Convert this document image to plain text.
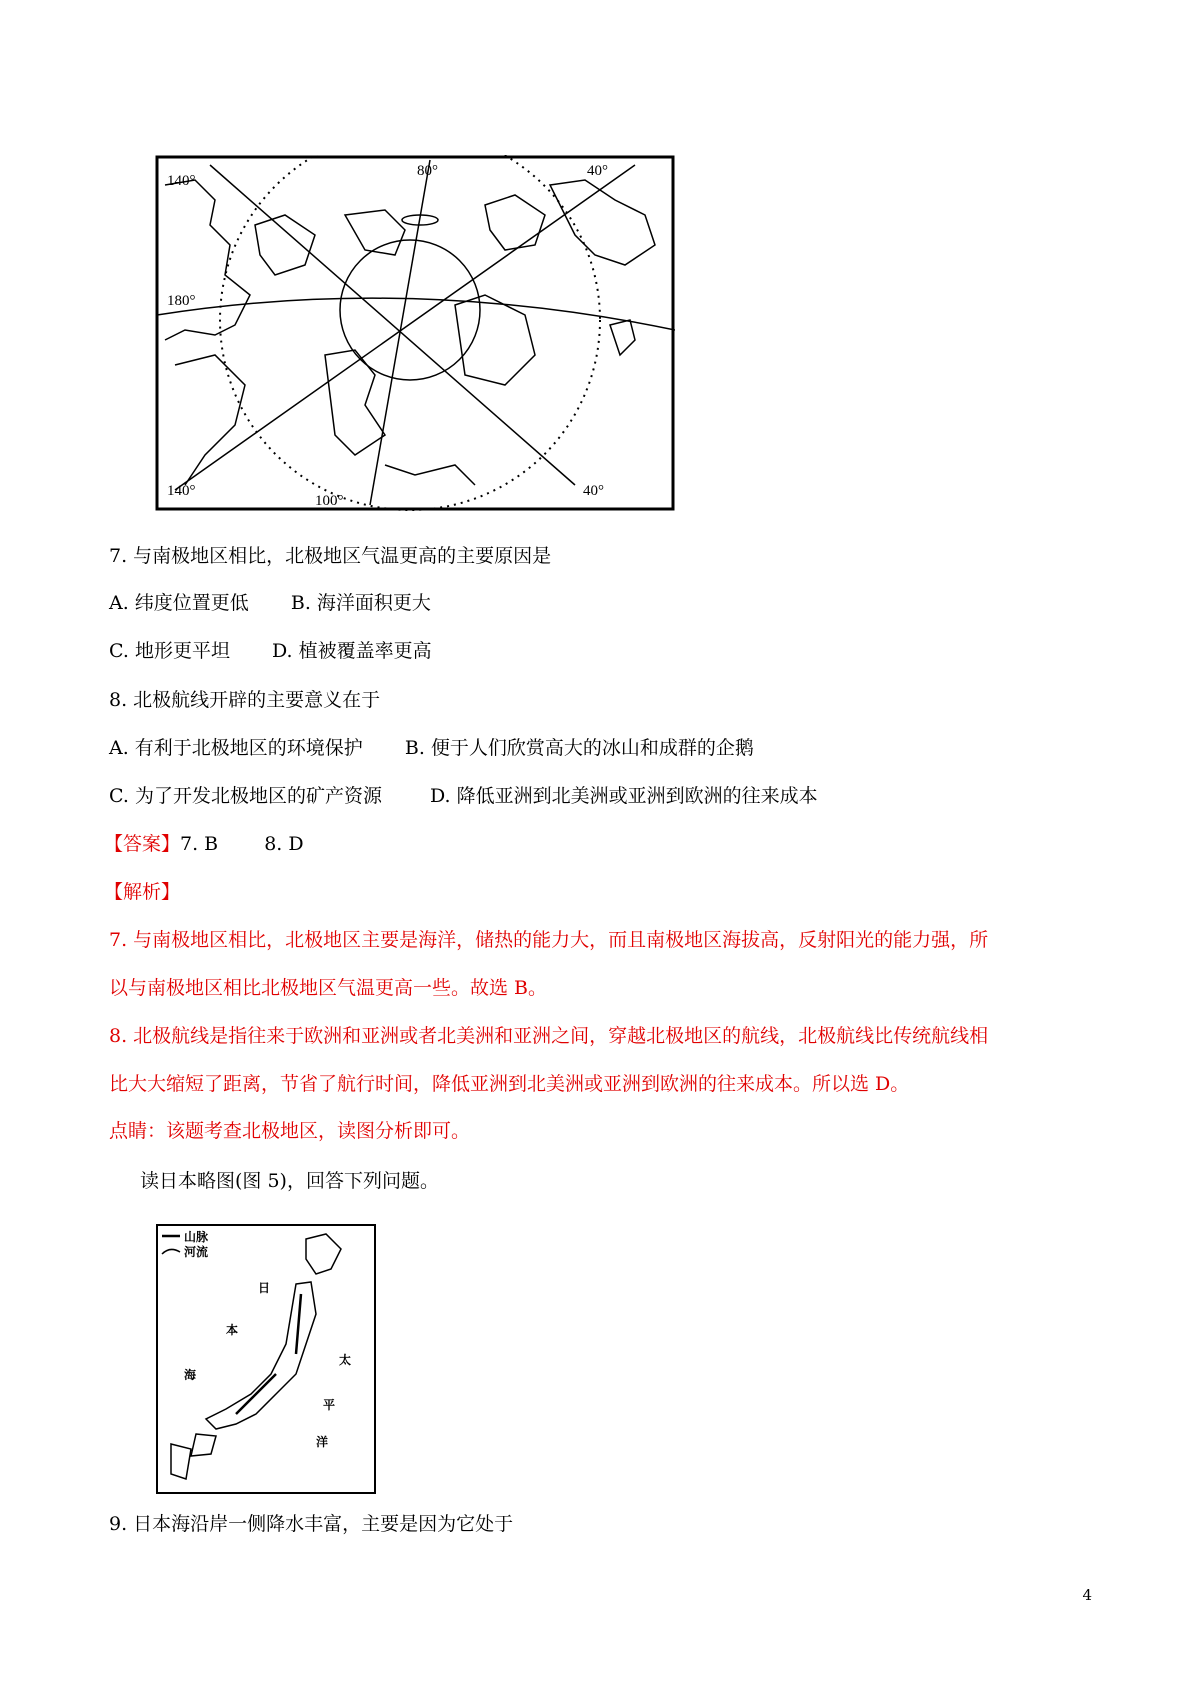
140°
80°	40°
180°
140°
100°
40°
7. 与南极地区相比，北极地区气温更高的主要原因是
A. 纬度位置更低 B. 海洋面积更大
C. 地形更平坦 D. 植被覆盖率更高
8. 北极航线开辟的主要意义在于
A. 有利于北极地区的环境保护 B. 便于人们欣赏高大的冰山和成群的企鹅
C. 为了开发北极地区的矿产资源	D. 降低亚洲到北美洲或亚洲到欧洲的往来成本
【答案】7. B 8. D
【解析】
7. 与南极地区相比，北极地区主要是海洋，储热的能力大，而且南极地区海拔高，反射阳光的能力强，所
以与南极地区相比北极地区气温更高一些。故选 B。
8. 北极航线是指往来于欧洲和亚洲或者北美洲和亚洲之间，穿越北极地区的航线，北极航线比传统航线相
比大大缩短了距离，节省了航行时间，降低亚洲到北美洲或亚洲到欧洲的往来成本。所以选 D。
点睛：该题考查北极地区，读图分析即可。
读日本略图(图 5)，回答下列问题。
山脉
河流
日
本
海
太
平
洋
9. 日本海沿岸一侧降水丰富，主要是因为它处于
4
